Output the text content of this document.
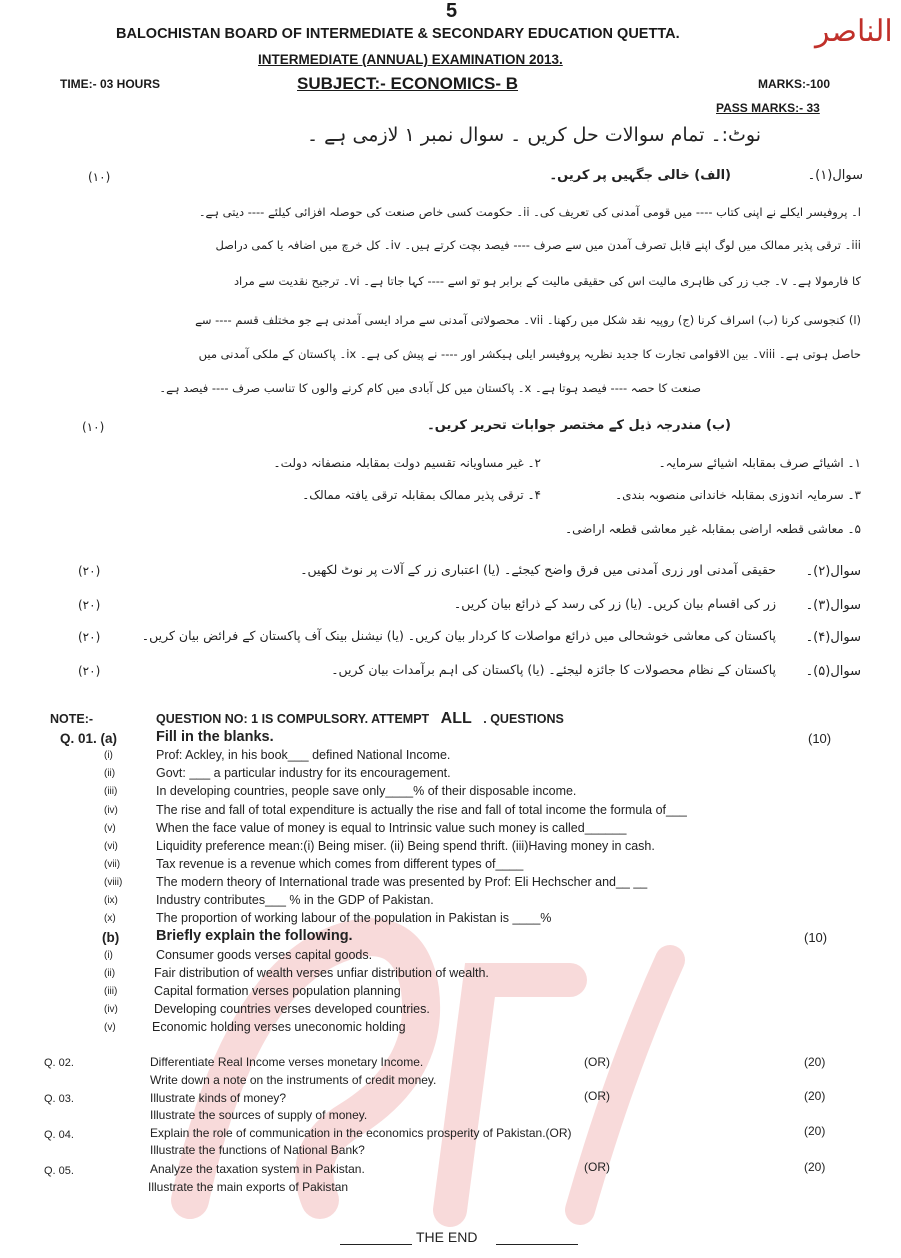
5
BALOCHISTAN BOARD OF INTERMEDIATE & SECONDARY EDUCATION QUETTA.
INTERMEDIATE (ANNUAL) EXAMINATION 2013.
TIME:- 03 HOURS	SUBJECT:- ECONOMICS- B	MARKS:-100
PASS MARKS:- 33
الناصر
نوٹ:۔ تمام سوالات حل کریں ۔ سوال نمبر ۱ لازمی ہے ۔
سوال(۱)۔
(الف) خالی جگہیں پر کریں۔
(۱۰)
ا۔ پروفیسر ایکلے نے اپنی کتاب ---- میں قومی آمدنی کی تعریف کی۔ ii۔ حکومت کسی خاص صنعت کی حوصلہ افزائی کیلئے ---- دیتی ہے۔
iii۔ ترقی پذیر ممالک میں لوگ اپنے قابل تصرف آمدن میں سے صرف ---- فیصد بچت کرتے ہیں۔ iv۔ کل خرچ میں اضافہ یا کمی دراصل
کا فارمولا ہے۔ v۔ جب زر کی ظاہری مالیت اس کی حقیقی مالیت کے برابر ہو تو اسے ---- کہا جاتا ہے۔ vi۔ ترجیح نقدیت سے مراد
(ا) کنجوسی کرنا (ب) اسراف کرنا (ج) روپیہ نقد شکل میں رکھنا۔ vii۔ محصولاتی آمدنی سے مراد ایسی آمدنی ہے جو مختلف قسم ---- سے
حاصل ہوتی ہے۔ viii۔ بین الاقوامی تجارت کا جدید نظریہ پروفیسر ایلی ہیکشر اور ---- نے پیش کی ہے۔ ix۔ پاکستان کے ملکی آمدنی میں
صنعت کا حصہ ---- فیصد ہوتا ہے۔ x۔ پاکستان میں کل آبادی میں کام کرنے والوں کا تناسب صرف ---- فیصد ہے۔
(ب) مندرجہ ذیل کے مختصر جوابات تحریر کریں۔
(۱۰)
۱۔ اشیائے صرف بمقابلہ اشیائے سرمایہ۔
۲۔ غیر مساویانہ تقسیم دولت بمقابلہ منصفانہ دولت۔
۳۔ سرمایہ اندوزی بمقابلہ خاندانی منصوبہ بندی۔
۴۔ ترقی پذیر ممالک بمقابلہ ترقی یافتہ ممالک۔
۵۔ معاشی قطعہ اراضی بمقابلہ غیر معاشی قطعہ اراضی۔
سوال(۲)۔
حقیقی آمدنی اور زری آمدنی میں فرق واضح کیجئے۔ (یا) اعتباری زر کے آلات پر نوٹ لکھیں۔
(۲۰)
سوال(۳)۔
زر کی اقسام بیان کریں۔ (یا) زر کی رسد کے ذرائع بیان کریں۔
(۲۰)
سوال(۴)۔
پاکستان کی معاشی خوشحالی میں ذرائع مواصلات کا کردار بیان کریں۔ (یا) نیشنل بینک آف پاکستان کے فرائض بیان کریں۔
(۲۰)
سوال(۵)۔
پاکستان کے نظام محصولات کا جائزہ لیجئے۔ (یا) پاکستان کی اہم برآمدات بیان کریں۔
(۲۰)
NOTE:-	QUESTION NO: 1 IS COMPULSORY. ATTEMPT ALL . QUESTIONS
Q. 01. (a)	Fill in the blanks.	(10)
(i)	Prof: Ackley, in his book___ defined National Income.
(ii)	Govt: ___ a particular industry for its encouragement.
(iii)	In developing countries, people save only____% of their disposable income.
(iv)	The rise and fall of total expenditure is actually the rise and fall of total income the formula of___
(v)	When the face value of money is equal to Intrinsic value such money is called______
(vi)	Liquidity preference mean:(i) Being miser. (ii) Being spend thrift. (iii)Having money in cash.
(vii)	Tax revenue is a revenue which comes from different types of____
(viii)	The modern theory of International trade was presented by Prof: Eli Hechscher and__ __
(ix)	Industry contributes___ % in the GDP of Pakistan.
(x)	The proportion of working labour of the population in Pakistan is ____%
(b)	Briefly explain the following.	(10)
(i)	Consumer goods verses capital goods.
(ii)	Fair distribution of wealth verses unfiar distribution of wealth.
(iii)	Capital formation verses population planning
(iv)	Developing countries verses developed countries.
(v)	Economic holding verses uneconomic holding
Q. 02.	Differentiate Real Income verses monetary Income.	(OR)	(20)
Write down a note on the instruments of credit money.
Q. 03.	Illustrate kinds of money?	(OR)	(20)
Illustrate the sources of supply of money.
Q. 04.	Explain the role of communication in the economics prosperity of Pakistan.(OR)	(20)
Illustrate the functions of National Bank?
Q. 05.	Analyze the taxation system in Pakistan.	(OR)	(20)
Illustrate the main exports of Pakistan
THE END
